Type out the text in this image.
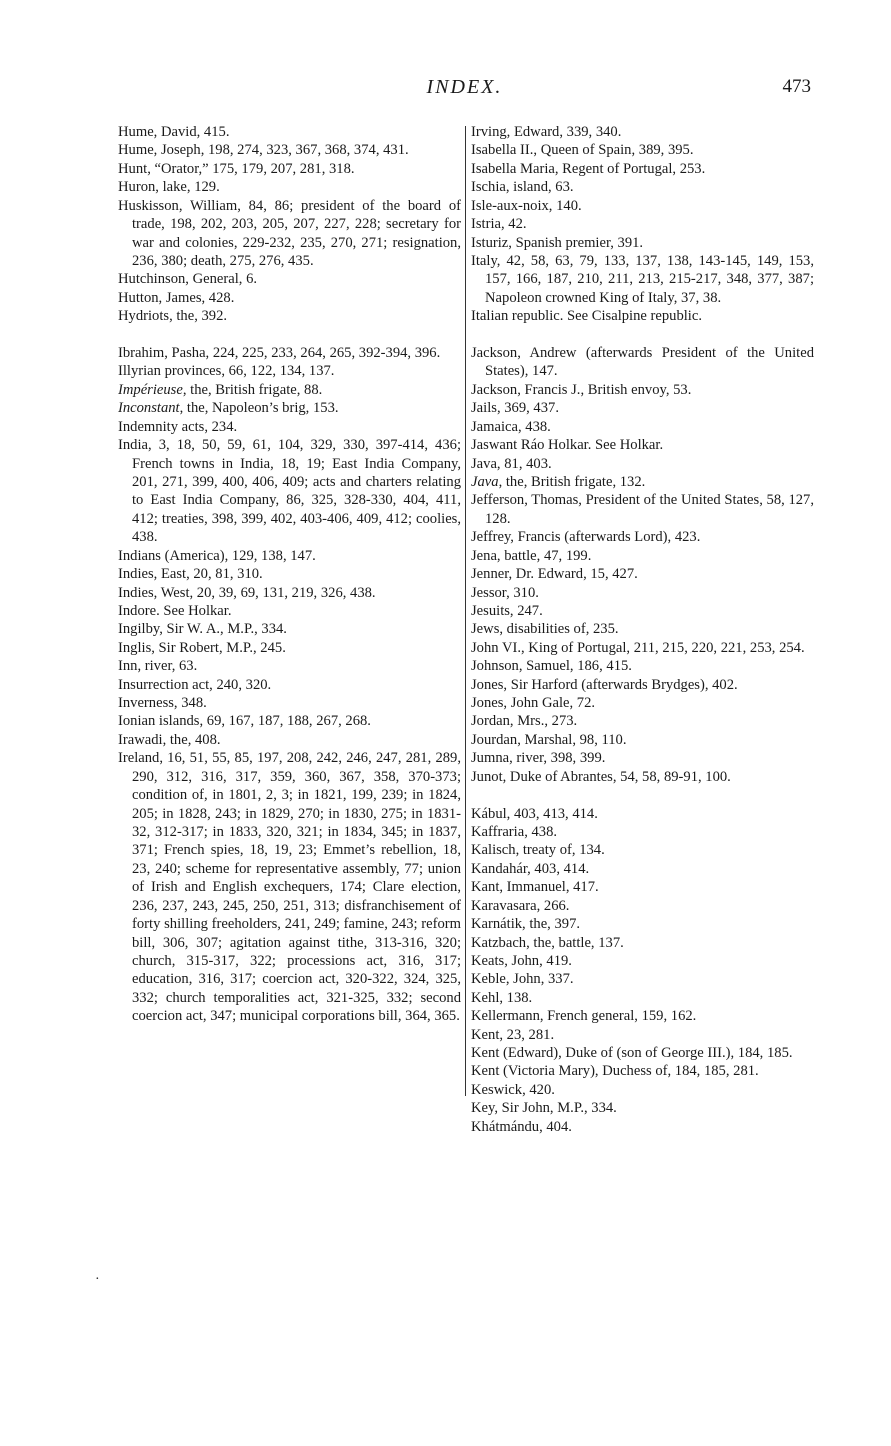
INDEX.	473

Hume, David, 415.

Hume, Joseph, 198, 274, 323, 367, 368, 374, 431.

Hunt, “Orator,” 175, 179, 207, 281, 318.

Huron, lake, 129.

Huskisson, William, 84, 86; president of the board of trade, 198, 202, 203, 205, 207, 227, 228; secretary for war and colonies, 229-232, 235, 270, 271; resignation, 236, 380; death, 275, 276, 435.

Hutchinson, General, 6.

Hutton, James, 428.

Hydriots, the, 392.

Ibrahim, Pasha, 224, 225, 233, 264, 265, 392-394, 396.

Illyrian provinces, 66, 122, 134, 137.

Impérieuse, the, British frigate, 88.

Inconstant, the, Napoleon’s brig, 153.

Indemnity acts, 234.

India, 3, 18, 50, 59, 61, 104, 329, 330, 397-414, 436; French towns in India, 18, 19; East India Company, 201, 271, 399, 400, 406, 409; acts and charters relating to East India Company, 86, 325, 328-330, 404, 411, 412; treaties, 398, 399, 402, 403-406, 409, 412; coolies, 438.

Indians (America), 129, 138, 147.

Indies, East, 20, 81, 310.

Indies, West, 20, 39, 69, 131, 219, 326, 438.

Indore. See Holkar.

Ingilby, Sir W. A., M.P., 334.

Inglis, Sir Robert, M.P., 245.

Inn, river, 63.

Insurrection act, 240, 320.

Inverness, 348.

Ionian islands, 69, 167, 187, 188, 267, 268.

Irawadi, the, 408.

Ireland, 16, 51, 55, 85, 197, 208, 242, 246, 247, 281, 289, 290, 312, 316, 317, 359, 360, 367, 358, 370-373; condition of, in 1801, 2, 3; in 1821, 199, 239; in 1824, 205; in 1828, 243; in 1829, 270; in 1830, 275; in 1831-32, 312-317; in 1833, 320, 321; in 1834, 345; in 1837, 371; French spies, 18, 19, 23; Emmet’s rebellion, 18, 23, 240; scheme for representative assembly, 77; union of Irish and English exchequers, 174; Clare election, 236, 237, 243, 245, 250, 251, 313; disfranchisement of forty shilling freeholders, 241, 249; famine, 243; reform bill, 306, 307; agitation against tithe, 313-316, 320; church, 315-317, 322; processions act, 316, 317; education, 316, 317; coercion act, 320-322, 324, 325, 332; church temporalities act, 321-325, 332; second coercion act, 347; municipal corporations bill, 364, 365.

Irving, Edward, 339, 340.

Isabella II., Queen of Spain, 389, 395.

Isabella Maria, Regent of Portugal, 253.

Ischia, island, 63.

Isle-aux-noix, 140.

Istria, 42.

Isturiz, Spanish premier, 391.

Italy, 42, 58, 63, 79, 133, 137, 138, 143-145, 149, 153, 157, 166, 187, 210, 211, 213, 215-217, 348, 377, 387; Napoleon crowned King of Italy, 37, 38.

Italian republic. See Cisalpine republic.

Jackson, Andrew (afterwards President of the United States), 147.

Jackson, Francis J., British envoy, 53.

Jails, 369, 437.

Jamaica, 438.

Jaswant Ráo Holkar. See Holkar.

Java, 81, 403.

Java, the, British frigate, 132.

Jefferson, Thomas, President of the United States, 58, 127, 128.

Jeffrey, Francis (afterwards Lord), 423.

Jena, battle, 47, 199.

Jenner, Dr. Edward, 15, 427.

Jessor, 310.

Jesuits, 247.

Jews, disabilities of, 235.

John VI., King of Portugal, 211, 215, 220, 221, 253, 254.

Johnson, Samuel, 186, 415.

Jones, Sir Harford (afterwards Brydges), 402.

Jones, John Gale, 72.

Jordan, Mrs., 273.

Jourdan, Marshal, 98, 110.

Jumna, river, 398, 399.

Junot, Duke of Abrantes, 54, 58, 89-91, 100.

Kábul, 403, 413, 414.

Kaffraria, 438.

Kalisch, treaty of, 134.

Kandahár, 403, 414.

Kant, Immanuel, 417.

Karavasara, 266.

Karnátik, the, 397.

Katzbach, the, battle, 137.

Keats, John, 419.

Keble, John, 337.

Kehl, 138.

Kellermann, French general, 159, 162.

Kent, 23, 281.

Kent (Edward), Duke of (son of George III.), 184, 185.

Kent (Victoria Mary), Duchess of, 184, 185, 281.

Keswick, 420.

Key, Sir John, M.P., 334.

Khátmándu, 404.

·
